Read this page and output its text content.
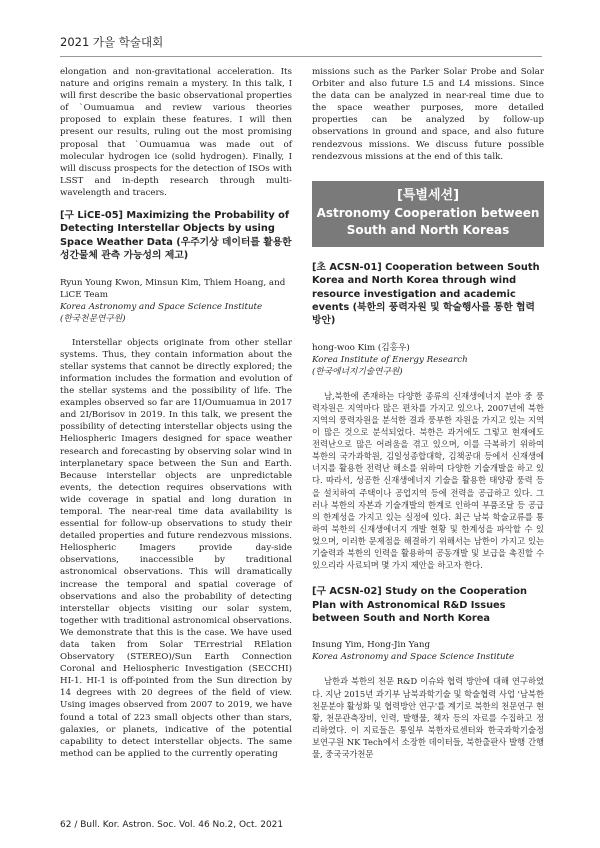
2021 가을 학술대회

elongation and non-gravitational acceleration. Its nature and origins remain a mystery. In this talk, I will first describe the basic observational properties of `Oumuamua and review various theories proposed to explain these features. I will then present our results, ruling out the most promising proposal that `Oumuamua was made out of molecular hydrogen ice (solid hydrogen). Finally, I will discuss prospects for the detection of ISOs with LSST and in-depth research through multi-wavelength and tracers.

[구 LiCE-05] Maximizing the Probability of Detecting Interstellar Objects by using Space Weather Data (우주기상 데이터를 활용한 성간물체 관측 가능성의 제고)
Ryun Young Kwon, Minsun Kim, Thiem Hoang, and LiCE Team
Korea Astronomy and Space Science Institute
(한국천문연구원)

Interstellar objects originate from other stellar systems. Thus, they contain information about the stellar systems that cannot be directly explored; the information includes the formation and evolution of the stellar systems and the possibility of life. The examples observed so far are 1I/Oumuamua in 2017 and 2I/Borisov in 2019. In this talk, we present the possibility of detecting interstellar objects using the Heliospheric Imagers designed for space weather research and forecasting by observing solar wind in interplanetary space between the Sun and Earth. Because interstellar objects are unpredictable events, the detection requires observations with wide coverage in spatial and long duration in temporal. The near-real time data availability is essential for follow-up observations to study their detailed properties and future rendezvous missions. Heliospheric Imagers provide day-side observations, inaccessible by traditional astronomical observations. This will dramatically increase the temporal and spatial coverage of observations and also the probability of detecting interstellar objects visiting our solar system, together with traditional astronomical observations. We demonstrate that this is the case. We have used data taken from Solar TErrestrial RElation Observatory (STEREO)/Sun Earth Connection Coronal and Heliospheric Investigation (SECCHI) HI-1. HI-1 is off-pointed from the Sun direction by 14 degrees with 20 degrees of the field of view. Using images observed from 2007 to 2019, we have found a total of 223 small objects other than stars, galaxies, or planets, indicative of the potential capability to detect interstellar objects. The same method can be applied to the currently operating

missions such as the Parker Solar Probe and Solar Orbiter and also future L5 and L4 missions. Since the data can be analyzed in near-real time due to the space weather purposes, more detailed properties can be analyzed by follow-up observations in ground and space, and also future rendezvous missions. We discuss future possible rendezvous missions at the end of this talk.

[특별세션]
Astronomy Cooperation between
South and North Koreas
[초 ACSN-01] Cooperation between South Korea and North Korea through wind resource investigation and academic events (북한의 풍력자원 및 학술행사를 통한 협력 방안)
hong-woo Kim (김홍우)
Korea Institute of Energy Research
(한국에너지기술연구원)

남,북한에 존재하는 다양한 종류의 신재생에너지 분야 중 풍력자원은 지역마다 많은 편차를 가지고 있으나, 2007년에 북한지역의 풍력자원을 분석한 결과 풍부한 자원을 가지고 있는 지역이 많은 것으로 분석되었다. 북한은 과거에도 그렇고 현재에도 전력난으로 많은 어려움을 겪고 있으며, 이를 극복하기 위하여 북한의 국가과학원, 김일성종합대학, 김책공대 등에서 신재생에너지를 활용한 전력난 해소를 위하여 다양한 기술개발을 하고 있다. 따라서, 성공한 신재생에너지 기술을 활용한 태양광 풍력 등을 설치하여 주택이나 공업지역 등에 전력을 공급하고 있다. 그러나 북한의 자본과 기술개발의 한계로 인하여 부품조달 등 공급의 한계성을 가지고 있는 실정에 있다. 최근 남북 학술교류를 통하여 북한의 신재생에너지 개발 현황 및 한계성을 파악할 수 있었으며, 이러한 문제점을 해결하기 위해서는 남한이 가지고 있는 기술력과 북한의 인력을 활용하여 공동개발 및 보급을 촉진할 수 있으리라 사료되며 몇 가지 제안을 하고자 한다.

[구 ACSN-02] Study on the Cooperation Plan with Astronomical R&D Issues between South and North Korea
Insung Yim, Hong-Jin Yang
Korea Astronomy and Space Science Institute

남한과 북한의 천문 R&D 이슈와 협력 방안에 대해 연구하였다. 지난 2015년 과기부 남북과학기술 및 학술협력 사업 '남북한 천문분야 활성화 및 협력방안 연구'를 계기로 북한의 천문연구 현황, 천문관측장비, 인력, 발행물, 책자 등의 자료를 수집하고 정리하였다. 이 지료들은 통일부 북한자료센터와 한국과학기술정보연구원 NK Tech에서 소장한 데이터들, 북한출판사 발행 간행물, 중국국가천문

62 / Bull. Kor. Astron. Soc. Vol. 46 No.2, Oct. 2021
